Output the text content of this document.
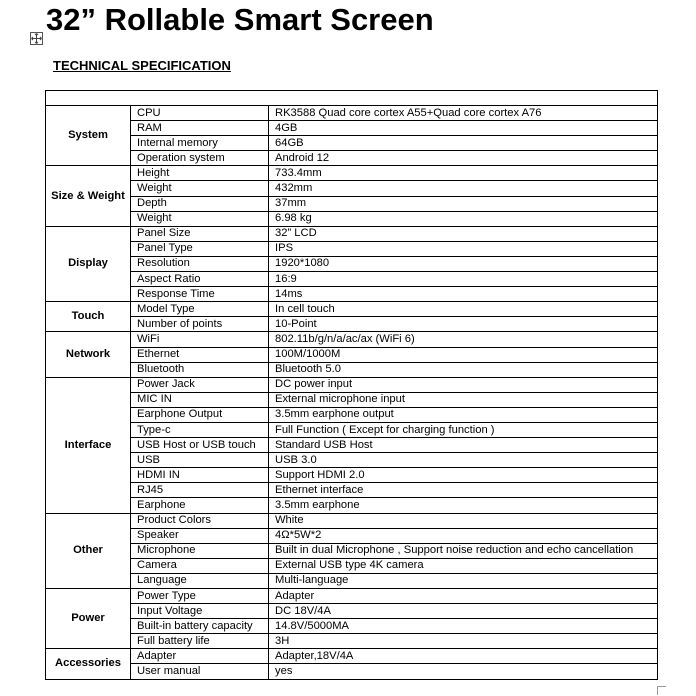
32” Rollable Smart Screen
TECHNICAL SPECIFICATION

System	CPU	RK3588 Quad core cortex A55+Quad core cortex A76
	RAM	4GB
	Internal memory	64GB
	Operation system	Android 12
Size & Weight	Height	733.4mm
	Weight	432mm
	Depth	37mm
	Weight	6.98 kg
Display	Panel Size	32” LCD
	Panel Type	IPS
	Resolution	1920*1080
	Aspect Ratio	16:9
	Response Time	14ms
Touch	Model Type	In cell touch
	Number of points	10-Point
Network	WiFi	802.11b/g/n/a/ac/ax (WiFi 6)
	Ethernet	100M/1000M
	Bluetooth	Bluetooth 5.0
Interface	Power Jack	DC power input
	MIC IN	External microphone input
	Earphone Output	3.5mm earphone output
	Type-c	Full Function ( Except for charging function )
	USB Host or USB touch	Standard USB Host
	USB	USB 3.0
	HDMI IN	Support HDMI 2.0
	RJ45	Ethernet interface
	Earphone	3.5mm earphone
Other	Product Colors	White
	Speaker	4Ω*5W*2
	Microphone	Built in dual Microphone , Support noise reduction and echo cancellation
	Camera	External USB type 4K camera
	Language	Multi-language
Power	Power Type	Adapter
	Input Voltage	DC 18V/4A
	Built-in battery capacity	14.8V/5000MA
	Full battery life	3H
Accessories	Adapter	Adapter,18V/4A
	User manual	yes
